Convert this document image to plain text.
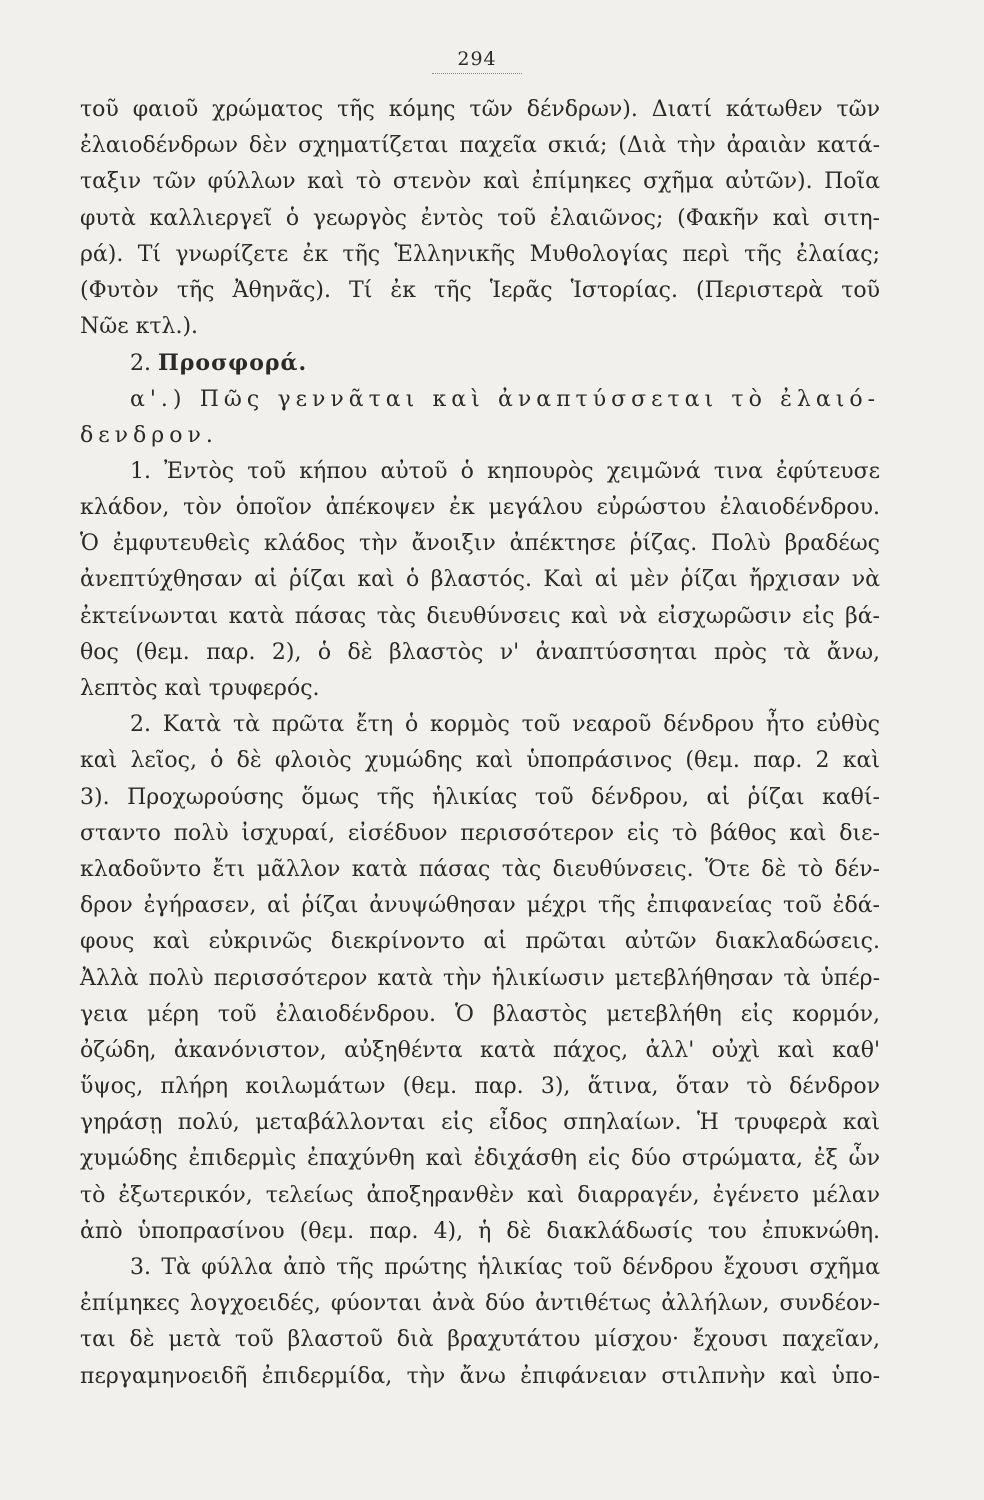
294
τοῦ φαιοῦ χρώματος τῆς κόμης τῶν δένδρων). Διατί κάτωθεν τῶν
ἐλαιοδένδρων δὲν σχηματίζεται παχεῖα σκιά; (Διὰ τὴν ἀραιὰν κατά-
ταξιν τῶν φύλλων καὶ τὸ στενὸν καὶ ἐπίμηκες σχῆμα αὐτῶν). Ποῖα
φυτὰ καλλιεργεῖ ὁ γεωργὸς ἐντὸς τοῦ ἐλαιῶνος; (Φακῆν καὶ σιτη-
ρά). Τί γνωρίζετε ἐκ τῆς Ἑλληνικῆς Μυθολογίας περὶ τῆς ἐλαίας;
(Φυτὸν τῆς Ἀθηνᾶς). Τί ἐκ τῆς Ἱερᾶς Ἱστορίας. (Περιστερὰ τοῦ
Νῶε κτλ.).
2. Προσφορά.
α'.) Πῶς γεννᾶται καὶ ἀναπτύσσεται τὸ ἐλαιό-
δενδρον.
1. Ἐντὸς τοῦ κήπου αὐτοῦ ὁ κηπουρὸς χειμῶνά τινα ἐφύτευσε
κλάδον, τὸν ὁποῖον ἀπέκοψεν ἐκ μεγάλου εὐρώστου ἐλαιοδένδρου.
Ὁ ἐμφυτευθεὶς κλάδος τὴν ἄνοιξιν ἀπέκτησε ῥίζας. Πολὺ βραδέως
ἀνεπτύχθησαν αἱ ῥίζαι καὶ ὁ βλαστός. Καὶ αἱ μὲν ῥίζαι ἤρχισαν νὰ
ἐκτείνωνται κατὰ πάσας τὰς διευθύνσεις καὶ νὰ εἰσχωρῶσιν εἰς βά-
θος (θεμ. παρ. 2), ὁ δὲ βλαστὸς ν' ἀναπτύσσηται πρὸς τὰ ἄνω,
λεπτὸς καὶ τρυφερός.
2. Κατὰ τὰ πρῶτα ἔτη ὁ κορμὸς τοῦ νεαροῦ δένδρου ἦτο εὐθὺς
καὶ λεῖος, ὁ δὲ φλοιὸς χυμώδης καὶ ὑποπράσινος (θεμ. παρ. 2 καὶ
3). Προχωρούσης ὅμως τῆς ἡλικίας τοῦ δένδρου, αἱ ῥίζαι καθί-
σταντο πολὺ ἰσχυραί, εἰσέδυον περισσότερον εἰς τὸ βάθος καὶ διε-
κλαδοῦντο ἔτι μᾶλλον κατὰ πάσας τὰς διευθύνσεις. Ὅτε δὲ τὸ δέν-
δρον ἐγήρασεν, αἱ ῥίζαι ἀνυψώθησαν μέχρι τῆς ἐπιφανείας τοῦ ἐδά-
φους καὶ εὐκρινῶς διεκρίνοντο αἱ πρῶται αὐτῶν διακλαδώσεις.
Ἀλλὰ πολὺ περισσότερον κατὰ τὴν ἡλικίωσιν μετεβλήθησαν τὰ ὑπέρ-
γεια μέρη τοῦ ἐλαιοδένδρου. Ὁ βλαστὸς μετεβλήθη εἰς κορμόν,
ὀζώδη, ἀκανόνιστον, αὐξηθέντα κατὰ πάχος, ἀλλ' οὐχὶ καὶ καθ'
ὕψος, πλήρη κοιλωμάτων (θεμ. παρ. 3), ἅτινα, ὅταν τὸ δένδρον
γηράσῃ πολύ, μεταβάλλονται εἰς εἶδος σπηλαίων. Ἡ τρυφερὰ καὶ
χυμώδης ἐπιδερμὶς ἐπαχύνθη καὶ ἐδιχάσθη εἰς δύο στρώματα, ἐξ ὧν
τὸ ἐξωτερικόν, τελείως ἀποξηρανθὲν καὶ διαρραγέν, ἐγένετο μέλαν
ἀπὸ ὑποπρασίνου (θεμ. παρ. 4), ἡ δὲ διακλάδωσίς του ἐπυκνώθη.
3. Τὰ φύλλα ἀπὸ τῆς πρώτης ἡλικίας τοῦ δένδρου ἔχουσι σχῆμα
ἐπίμηκες λογχοειδές, φύονται ἀνὰ δύο ἀντιθέτως ἀλλήλων, συνδέον-
ται δὲ μετὰ τοῦ βλαστοῦ διὰ βραχυτάτου μίσχου· ἔχουσι παχεῖαν,
περγαμηνοειδῆ ἐπιδερμίδα, τὴν ἄνω ἐπιφάνειαν στιλπνὴν καὶ ὑπο-
